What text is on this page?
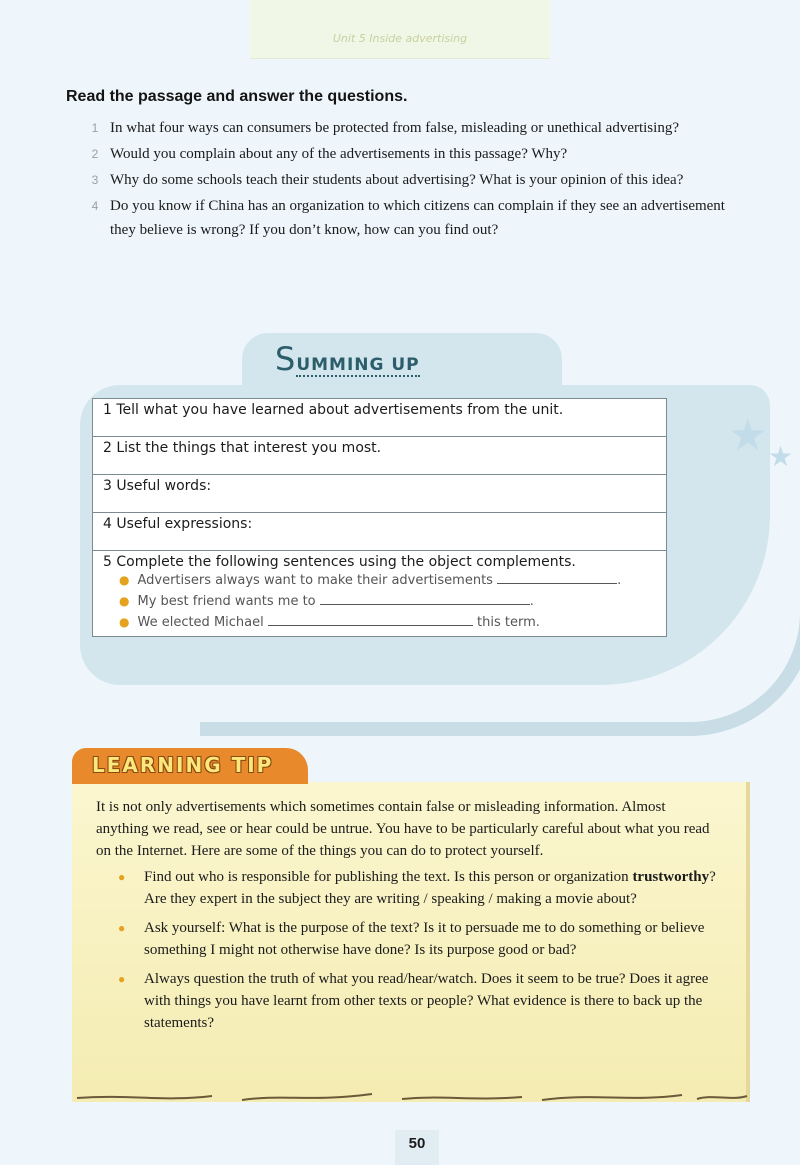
Unit 5 Inside advertising
Read the passage and answer the questions.
1 In what four ways can consumers be protected from false, misleading or unethical advertising?
2 Would you complain about any of the advertisements in this passage? Why?
3 Why do some schools teach their students about advertising? What is your opinion of this idea?
4 Do you know if China has an organization to which citizens can complain if they see an advertisement they believe is wrong? If you don’t know, how can you find out?
★ ★
SUMMING UP
1 Tell what you have learned about advertisements from the unit.
2 List the things that interest you most.
3 Useful words:
4 Useful expressions:

5 Complete the following sentences using the object complements.
● Advertisers always want to make their advertisements	.
● My best friend wants me to	.
● We elected Michael	this term.
LEARNING TIP

It is not only advertisements which sometimes contain false or misleading information. Almost anything we read, see or hear could be untrue. You have to be particularly careful about what you read on the Internet. Here are some of the things you can do to protect yourself.

● Find out who is responsible for publishing the text. Is this person or organization trustworthy? Are they expert in the subject they are writing / speaking / making a movie about?
● Ask yourself: What is the purpose of the text? Is it to persuade me to do something or believe something I might not otherwise have done? Is its purpose good or bad?
● Always question the truth of what you read/hear/watch. Does it seem to be true? Does it agree with things you have learnt from other texts or people? What evidence is there to back up the statements?
50
